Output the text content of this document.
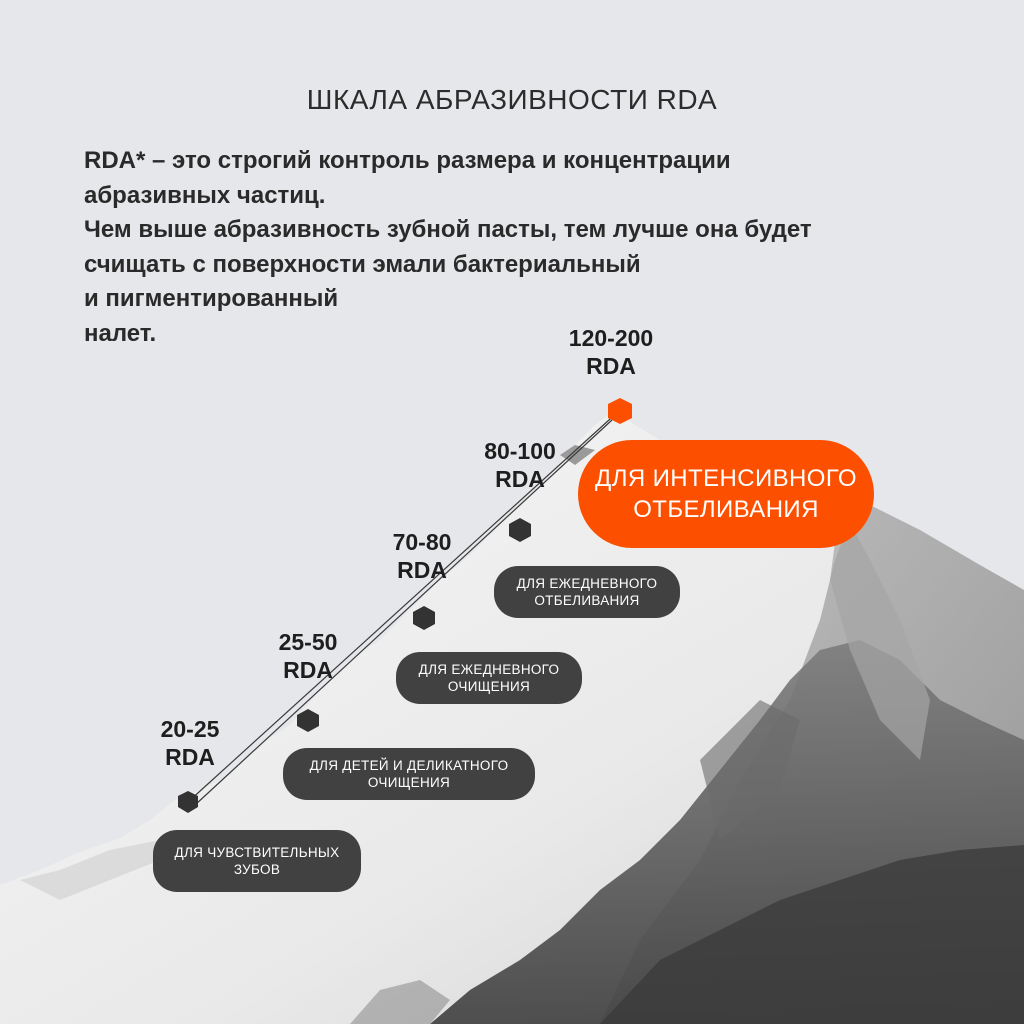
ШКАЛА АБРАЗИВНОСТИ RDA
RDA* – это строгий контроль размера и концентрации
абразивных частиц.
Чем выше абразивность зубной пасты, тем лучше она будет
счищать с поверхности эмали бактериальный
и пигментированный
налет.
20-25
RDA
25-50
RDA
70-80
RDA
80-100
RDA
120-200
RDA
ДЛЯ ЧУВСТВИТЕЛЬНЫХ
ЗУБОВ
ДЛЯ ДЕТЕЙ И ДЕЛИКАТНОГО
ОЧИЩЕНИЯ
ДЛЯ ЕЖЕДНЕВНОГО
ОЧИЩЕНИЯ
ДЛЯ ЕЖЕДНЕВНОГО
ОТБЕЛИВАНИЯ
ДЛЯ ИНТЕНСИВНОГО
ОТБЕЛИВАНИЯ
